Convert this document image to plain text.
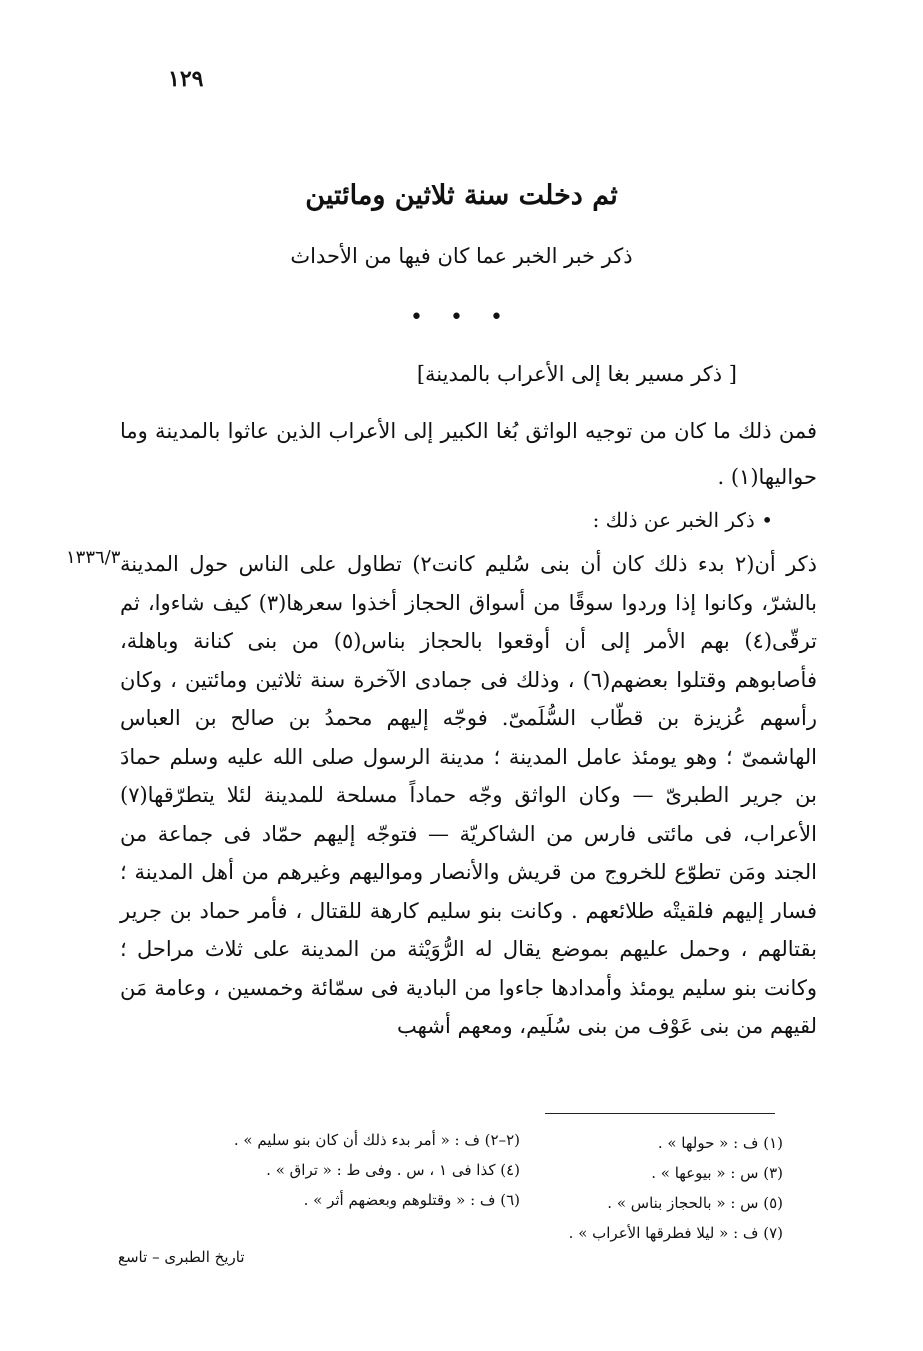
١٢٩
ثم دخلت سنة ثلاثين ومائتين
ذكر خبر الخبر عما كان فيها من الأحداث
• • •
[ ذكر مسير بغا إلى الأعراب بالمدينة]
فمن ذلك ما كان من توجيه الواثق بُغا الكبير إلى الأعراب الذين عاثوا بالمدينة وما حواليها(١) .
• ذكر الخبر عن ذلك :
١٣٣٦/٣ ذكر أن(٢ بدء ذلك كان أن بنى سُليم كانت٢) تطاول على الناس حول المدينة بالشرّ، وكانوا إذا وردوا سوقًا من أسواق الحجاز أخذوا سعرها(٣) كيف شاءوا، ثم ترقّى(٤) بهم الأمر إلى أن أوقعوا بالحجاز بناس(٥) من بنى كنانة وباهلة، فأصابوهم وقتلوا بعضهم(٦) ، وذلك فى جمادى الآخرة سنة ثلاثين ومائتين ، وكان رأسهم عُزيزة بن قطّاب السُّلَمىّ. فوجّه إليهم محمدُ بن صالح بن العباس الهاشمىّ ؛ وهو يومئذ عامل المدينة ؛ مدينة الرسول صلى الله عليه وسلم حمادَ بن جرير الطبرىّ — وكان الواثق وجّه حماداً مسلحة للمدينة لئلا يتطرّقها(٧) الأعراب، فى مائتى فارس من الشاكريّة — فتوجّه إليهم حمّاد فى جماعة من الجند ومَن تطوّع للخروج من قريش والأنصار ومواليهم وغيرهم من أهل المدينة ؛ فسار إليهم فلقيتْه طلائعهم . وكانت بنو سليم كارهة للقتال ، فأمر حماد بن جرير بقتالهم ، وحمل عليهم بموضع يقال له الرُّوَيْثة من المدينة على ثلاث مراحل ؛ وكانت بنو سليم يومئذ وأمدادها جاءوا من البادية فى سمّائة وخمسين ، وعامة مَن لقيهم من بنى عَوْف من بنى سُلَيم، ومعهم أشهب
(١) ف : « حولها » .
(٣) س : « بيوعها » .
(٥) س : « بالحجاز بناس » .
(٧) ف : « ليلا فطرقها الأعراب » .
(٢–٢) ف : « أمر بدء ذلك أن كان بنو سليم » .
(٤) كذا فى ١ ، س . وفى ط : « تراق » .
(٦) ف : « وقتلوهم وبعضهم أثر » .
تاريخ الطبرى – تاسع
